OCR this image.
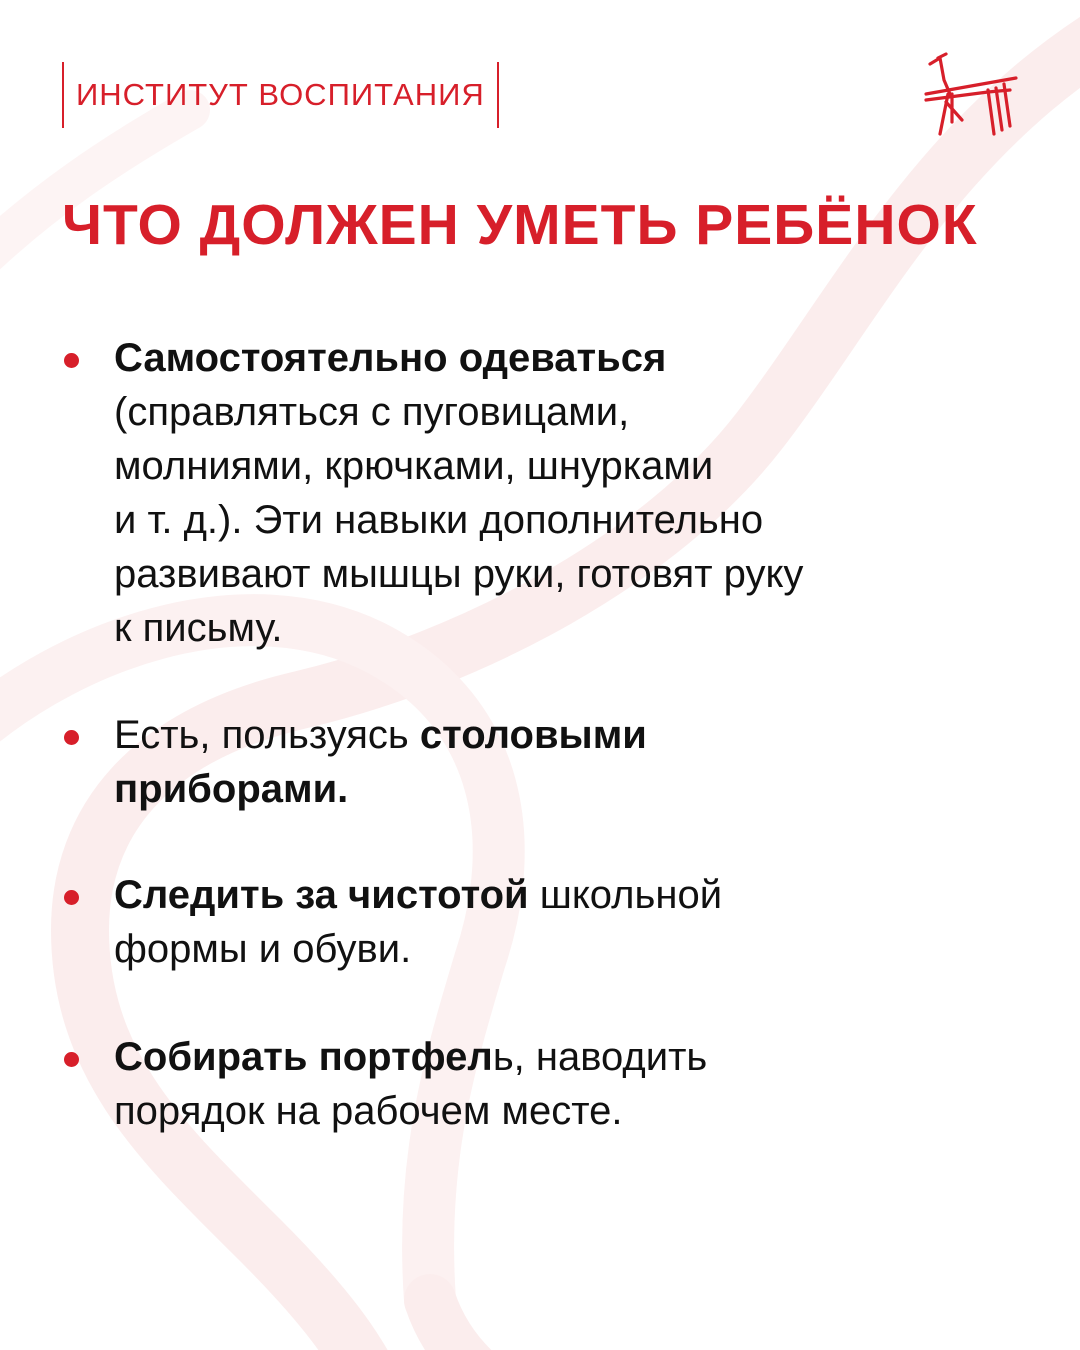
ИНСТИТУТ ВОСПИТАНИЯ
ЧТО ДОЛЖЕН УМЕТЬ РЕБЁНОК
Самостоятельно одеваться
(справляться с пуговицами,
молниями, крючками, шнурками
и т. д.). Эти навыки дополнительно
развивают мышцы руки, готовят руку
к письму.
Есть, пользуясь столовыми
приборами.
Следить за чистотой школьной
формы и обуви.
Собирать портфель, наводить
порядок на рабочем месте.
